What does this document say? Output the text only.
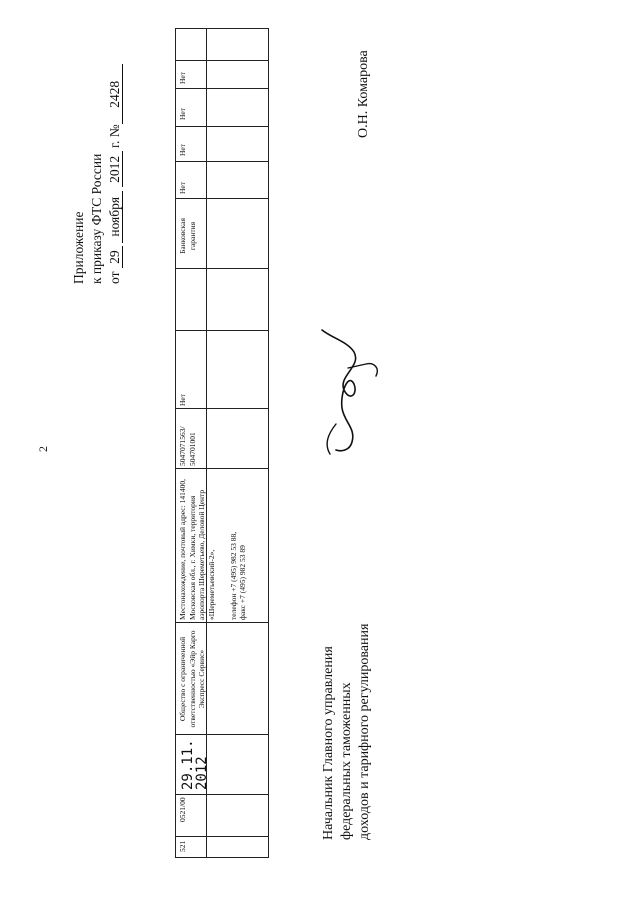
2
Приложение к приказу ФТС России от 29 ноября 2012 г. №2428
521
0521/00
29.11.
2012
Общество с ограниченной ответственностью «Эйр Карго Экспресс Сервис»
Местонахождение, почтовый адрес: 141400, Московская обл., г. Химки, территория аэропорта Шереметьево, Деловой Центр «Шереметьевский-2», телефон +7 (495) 982 53 88, факс +7 (495) 982 53 89
5047071563/ 504701001
Нет
Банковская гарантия
Нет
Нет
Нет
Нет
Начальник Главного управления федеральных таможенных доходов и тарифного регулирования
О.Н. Комарова
